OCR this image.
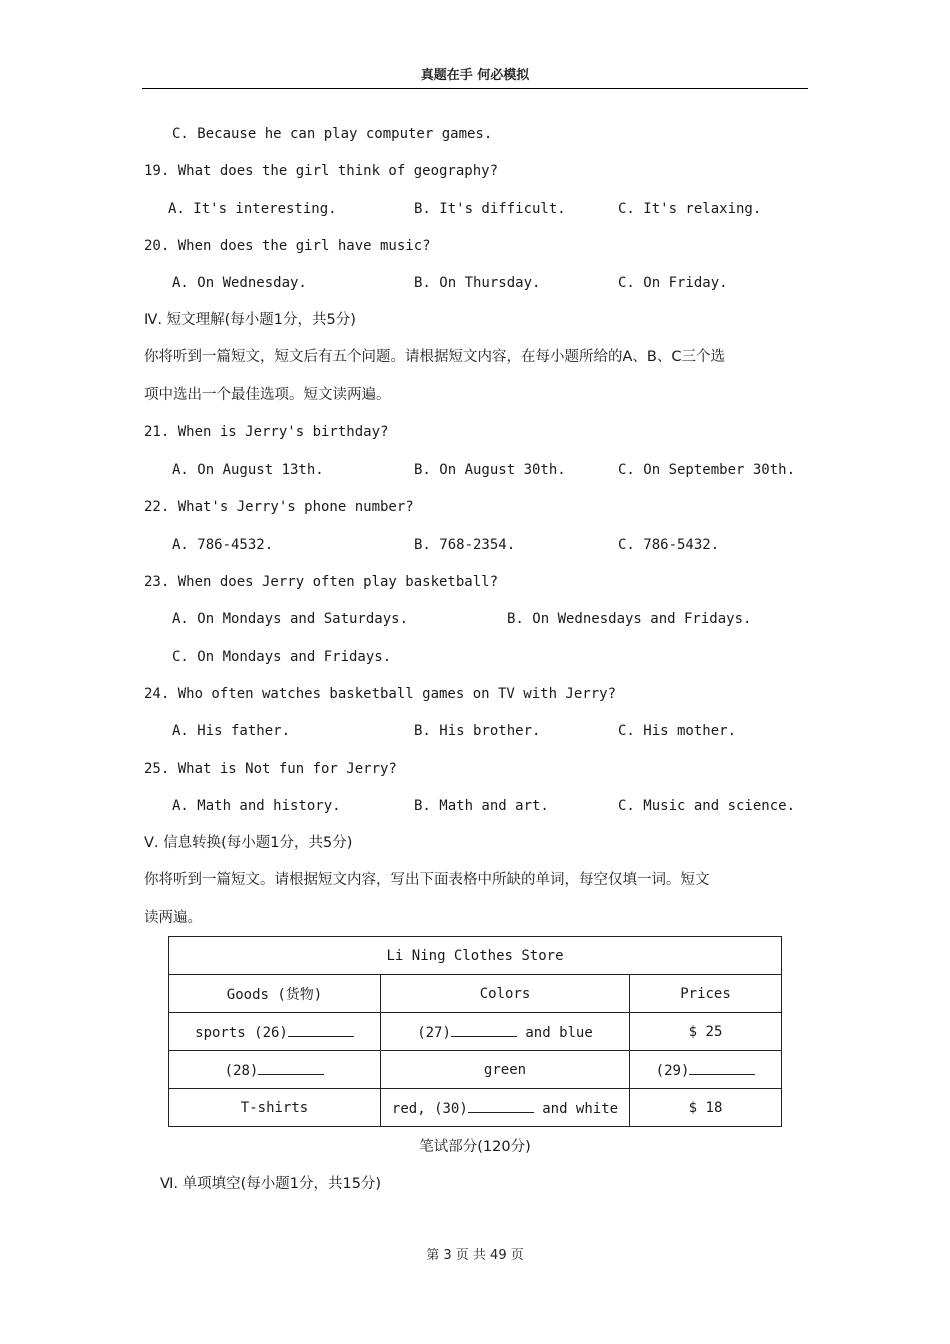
真题在手 何必模拟
C. Because he can play computer games.
19. What does the girl think of geography?
A. It's interesting.	B. It's difficult.	C. It's relaxing.
20. When does the girl have music?
A. On Wednesday.	B. On Thursday.	C. On Friday.
Ⅳ. 短文理解(每小题1分，共5分)
你将听到一篇短文，短文后有五个问题。请根据短文内容，在每小题所给的A、B、C三个选
项中选出一个最佳选项。短文读两遍。
21. When is Jerry's birthday?
A. On August 13th.	B. On August 30th.	C. On September 30th.
22. What's Jerry's phone number?
A. 786-4532.	B. 768-2354.	C. 786-5432.
23. When does Jerry often play basketball?
A. On Mondays and Saturdays.	B. On Wednesdays and Fridays.
C. On Mondays and Fridays.
24. Who often watches basketball games on TV with Jerry?
A. His father.	B. His brother.	C. His mother.
25. What is Not fun for Jerry?
A. Math and history.	B. Math and art.	C. Music and science.
Ⅴ. 信息转换(每小题1分，共5分)
你将听到一篇短文。请根据短文内容，写出下面表格中所缺的单词，每空仅填一词。短文
读两遍。
Li Ning Clothes Store		
Goods (货物)	Colors	Prices
sports (26)	(27) and blue	$ 25
(28)	green	(29)
T-shirts	red, (30) and white	$ 18
笔试部分(120分)
Ⅵ. 单项填空(每小题1分，共15分)
第 3 页 共 49 页
